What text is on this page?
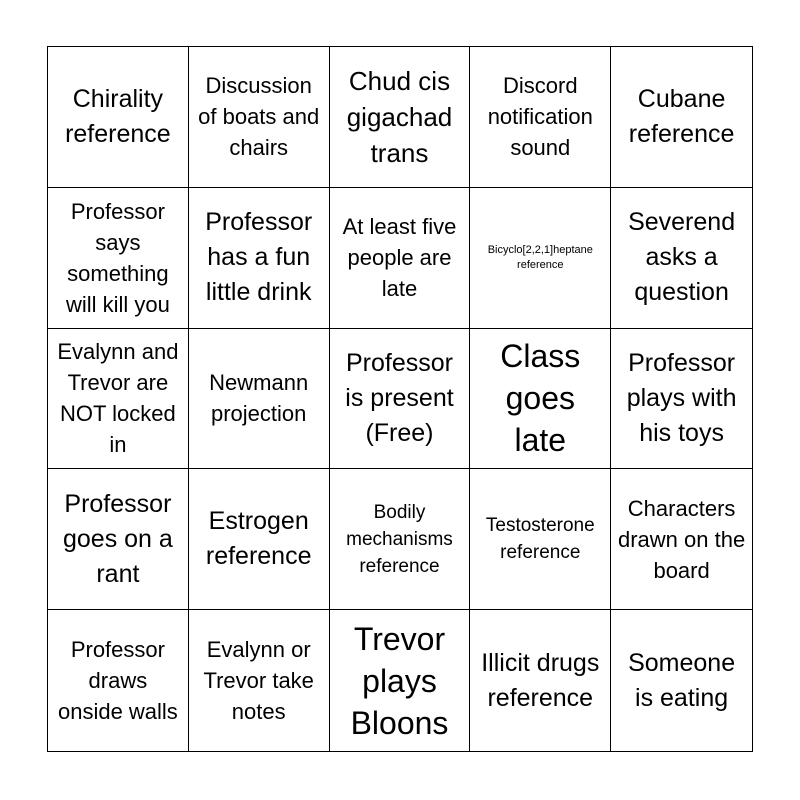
Chirality reference
Discussion of boats and chairs
Chud cis gigachad trans
Discord notification sound
Cubane reference
Professor says something will kill you
Professor has a fun little drink
At least five people are late
Bicyclo[2,2,1]heptane reference
Severend asks a question
Evalynn and Trevor are NOT locked in
Newmann projection
Professor is present (Free)
Class goes late
Professor plays with his toys
Professor goes on a rant
Estrogen reference
Bodily mechanisms reference
Testosterone reference
Characters drawn on the board
Professor draws onside walls
Evalynn or Trevor take notes
Trevor plays Bloons
Illicit drugs reference
Someone is eating
